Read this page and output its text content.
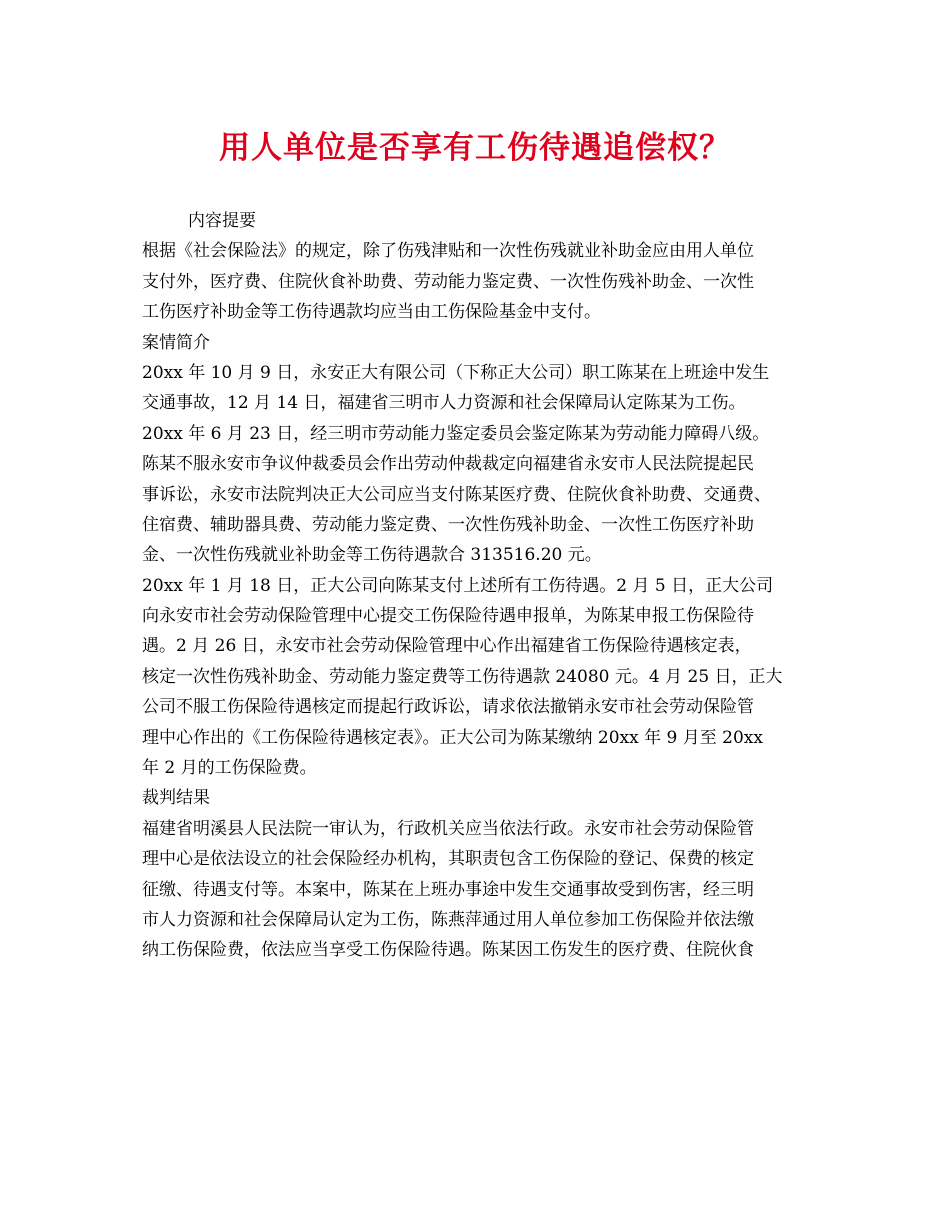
用人单位是否享有工伤待遇追偿权？
内容提要
根据《社会保险法》的规定，除了伤残津贴和一次性伤残就业补助金应由用人单位
支付外，医疗费、住院伙食补助费、劳动能力鉴定费、一次性伤残补助金、一次性
工伤医疗补助金等工伤待遇款均应当由工伤保险基金中支付。
案情简介
20xx 年 10 月 9 日，永安正大有限公司（下称正大公司）职工陈某在上班途中发生
交通事故，12 月 14 日，福建省三明市人力资源和社会保障局认定陈某为工伤。
20xx 年 6 月 23 日，经三明市劳动能力鉴定委员会鉴定陈某为劳动能力障碍八级。
陈某不服永安市争议仲裁委员会作出劳动仲裁裁定向福建省永安市人民法院提起民
事诉讼，永安市法院判决正大公司应当支付陈某医疗费、住院伙食补助费、交通费、
住宿费、辅助器具费、劳动能力鉴定费、一次性伤残补助金、一次性工伤医疗补助
金、一次性伤残就业补助金等工伤待遇款合 313516.20 元。
20xx 年 1 月 18 日，正大公司向陈某支付上述所有工伤待遇。2 月 5 日，正大公司
向永安市社会劳动保险管理中心提交工伤保险待遇申报单，为陈某申报工伤保险待
遇。2 月 26 日，永安市社会劳动保险管理中心作出福建省工伤保险待遇核定表，
核定一次性伤残补助金、劳动能力鉴定费等工伤待遇款 24080 元。4 月 25 日，正大
公司不服工伤保险待遇核定而提起行政诉讼，请求依法撤销永安市社会劳动保险管
理中心作出的《工伤保险待遇核定表》。正大公司为陈某缴纳 20xx 年 9 月至 20xx
年 2 月的工伤保险费。
裁判结果
福建省明溪县人民法院一审认为，行政机关应当依法行政。永安市社会劳动保险管
理中心是依法设立的社会保险经办机构，其职责包含工伤保险的登记、保费的核定
征缴、待遇支付等。本案中，陈某在上班办事途中发生交通事故受到伤害，经三明
市人力资源和社会保障局认定为工伤，陈燕萍通过用人单位参加工伤保险并依法缴
纳工伤保险费，依法应当享受工伤保险待遇。陈某因工伤发生的医疗费、住院伙食
